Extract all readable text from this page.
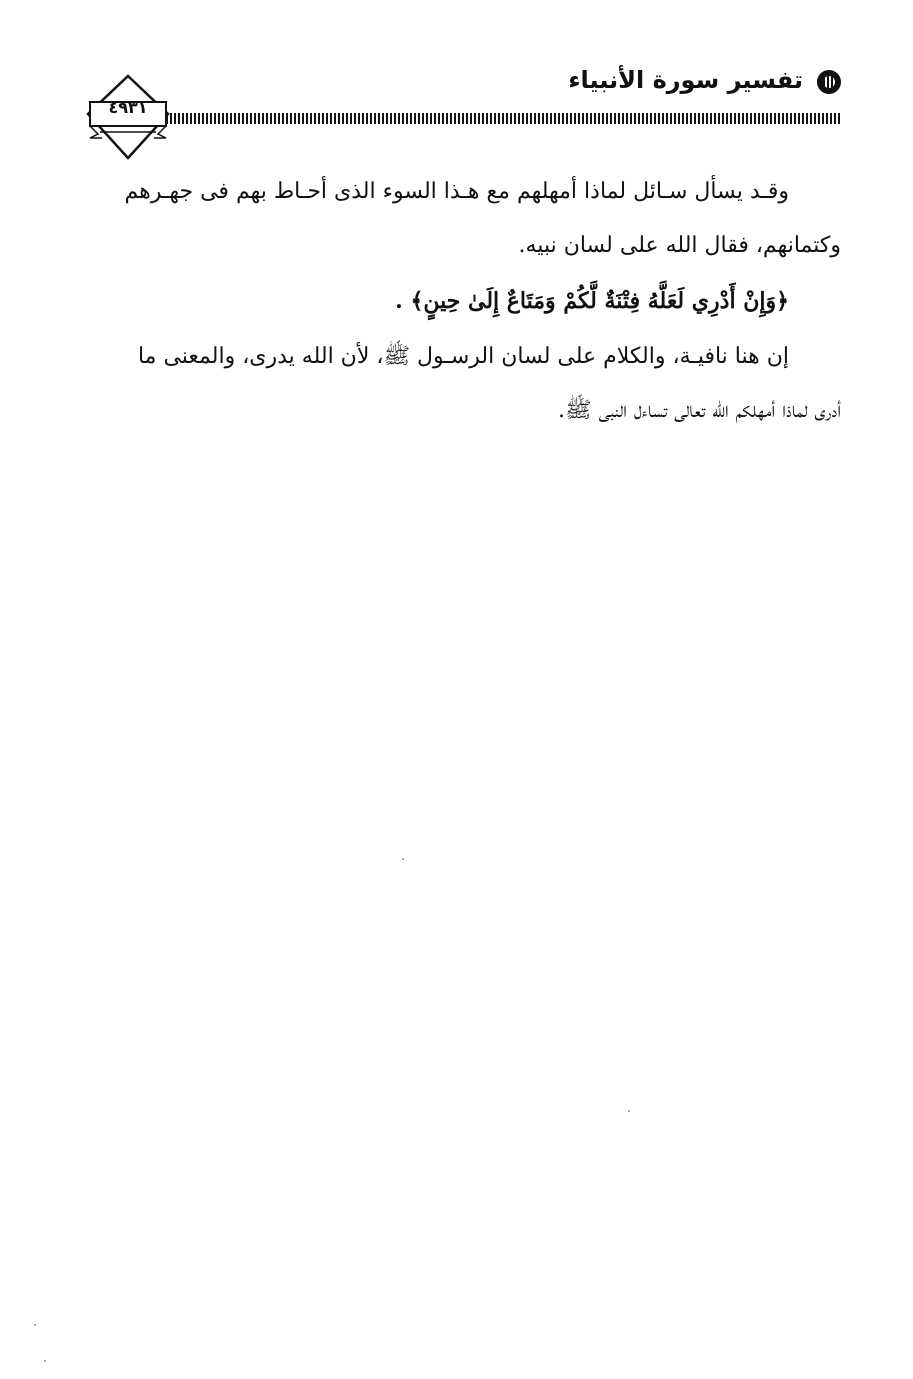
تفسير سورة الأنبياء
٤٩٣١
وقـد يسأل سـائل لماذا أمهلهم مع هـذا السوء الذى أحـاط بهم فى جهـرهم
وكتمانهم، فقال الله على لسان نبيه.
﴿وَإِنْ أَدْرِي لَعَلَّهُ فِتْنَةٌ لَّكُمْ وَمَتَاعٌ إِلَىٰ حِينٍ﴾ .
إن هنا نافيـة، والكلام على لسان الرسـول ﷺ، لأن الله يدرى، والمعنى ما
أدرى لماذا أمهلكم الله تعالى تساءل النبى ﷺ.
